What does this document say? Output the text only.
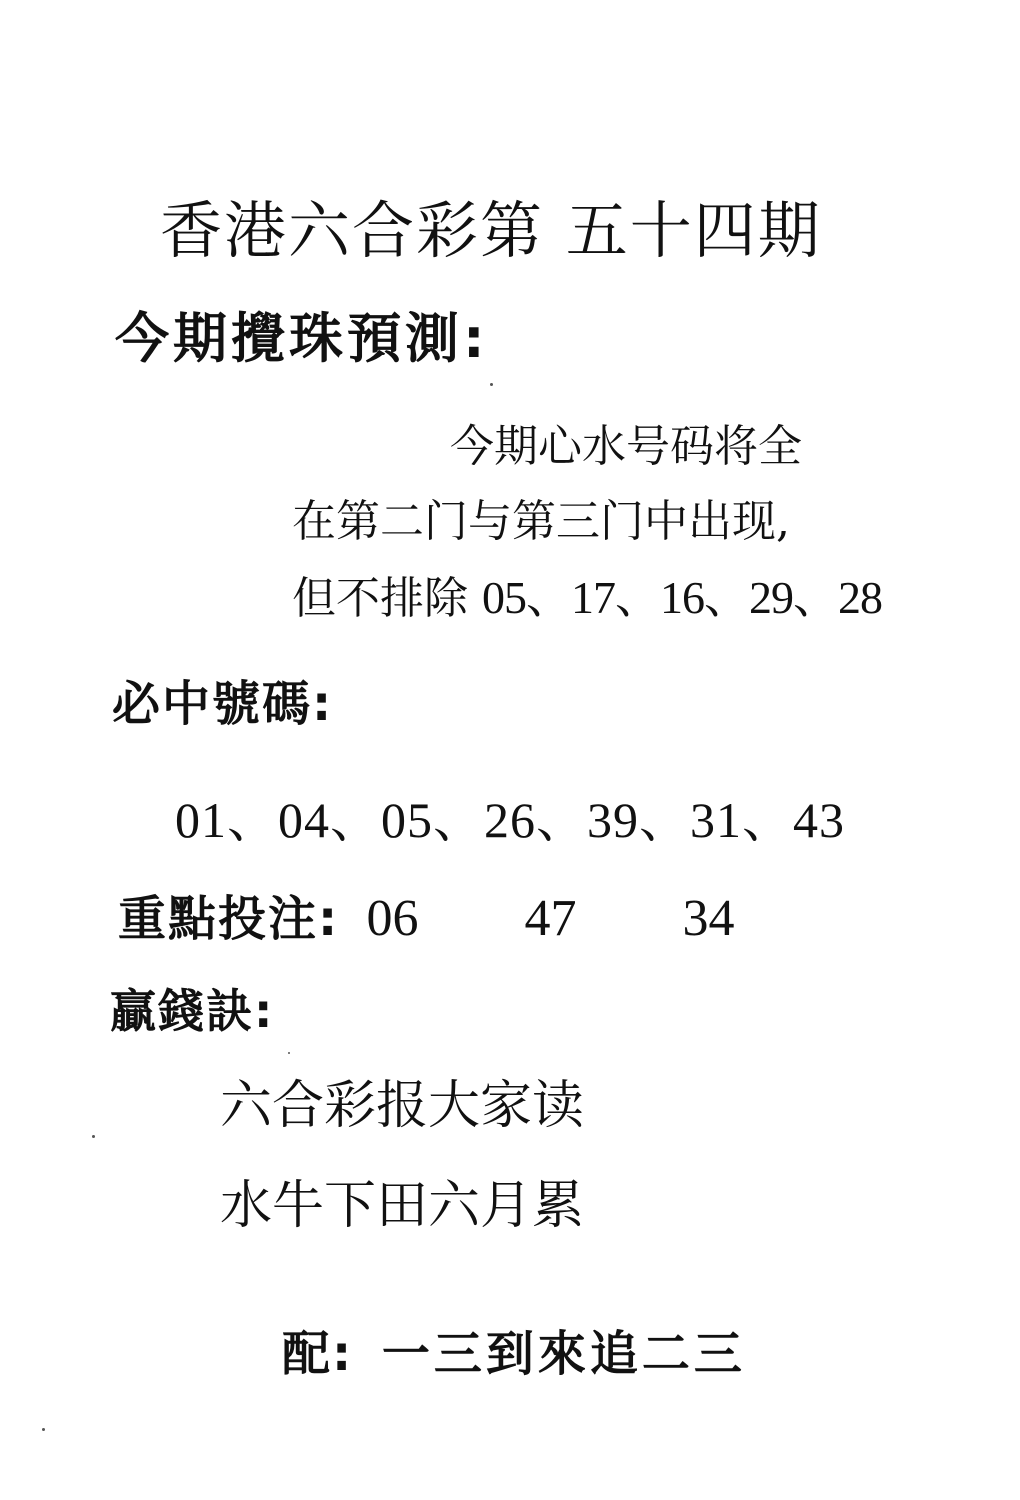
香港六合彩第 五十四期
今期攪珠預測:
今期心水号码将全
在第二门与第三门中出现,
但不排除 05、17、16、29、28
必中號碼:
01、04、05、26、39、31、43
重點投注: 06  47  34
贏錢訣:
六合彩报大家读
水牛下田六月累
配: 一三到來追二三
